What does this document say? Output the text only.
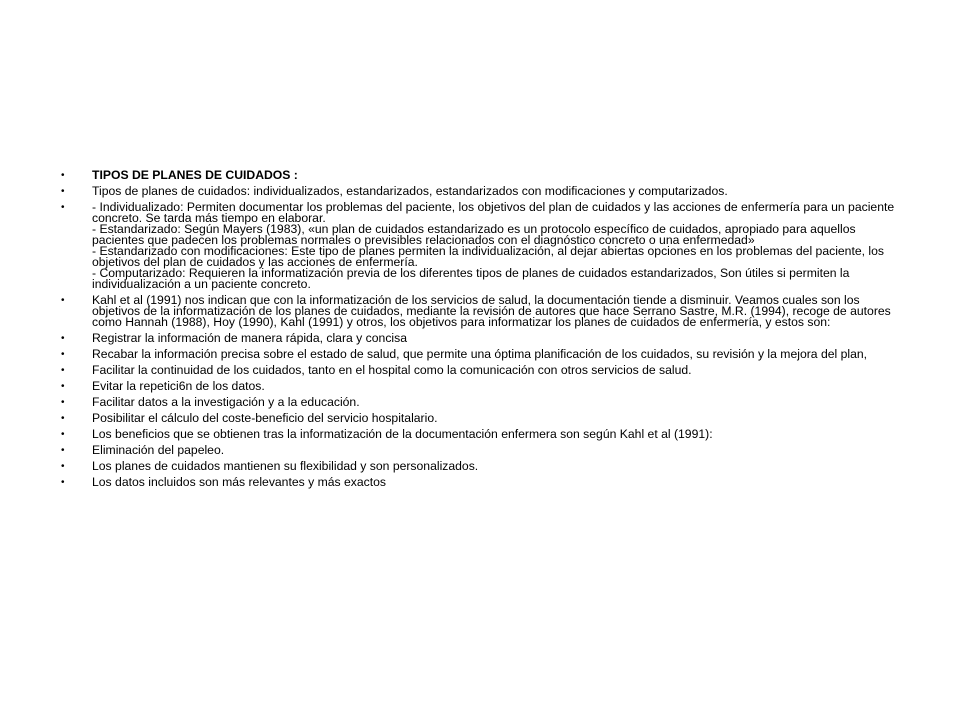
•	TIPOS DE PLANES DE CUIDADOS :
•	Tipos de planes de cuidados: individualizados, estandarizados, estandarizados con modificaciones y computarizados.
•	- Individualizado: Permiten documentar los problemas del paciente, los objetivos del plan de cuidados y las acciones de enfermería para un paciente concreto. Se tarda más tiempo en elaborar.
- Estandarizado: Según Mayers (1983), «un plan de cuidados estandarizado es un protocolo específico de cuidados, apropiado para aquellos pacientes que padecen los problemas normales o previsibles relacionados con el diagnóstico concreto o una enfermedad»
- Estandarizado con modificaciones: Este tipo de planes permiten la individualización, al dejar abiertas opciones en los problemas del paciente, los objetivos del plan de cuidados y las acciones de enfermería.
- Computarizado: Requieren la informatización previa de los diferentes tipos de planes de cuidados estandarizados, Son útiles si permiten la individualización a un paciente concreto.
•	Kahl et al (1991) nos indican que con la informatización de los servicios de salud, la documentación tiende a disminuir. Veamos cuales son los objetivos de la informatización de los planes de cuidados, mediante la revisión de autores que hace Serrano Sastre, M.R. (1994), recoge de autores como Hannah (1988), Hoy (1990), Kahl (1991) y otros, los objetivos para informatizar los planes de cuidados de enfermería, y estos son:
•	Registrar la información de manera rápida, clara y concisa
•	Recabar la información precisa sobre el estado de salud, que permite una óptima planificación de los cuidados, su revisión y la mejora del plan,
•	Facilitar la continuidad de los cuidados, tanto en el hospital como la comunicación con otros servicios de salud.
•	Evitar la repetici6n de los datos.
•	Facilitar datos a la investigación y a la educación.
•	Posibilitar el cálculo del coste-beneficio del servicio hospitalario.
•	Los beneficios que se obtienen tras la informatización de la documentación enfermera son según Kahl et al (1991):
•	Eliminación del papeleo.
•	Los planes de cuidados mantienen su flexibilidad y son personalizados.
•	Los datos incluidos son más relevantes y más exactos
